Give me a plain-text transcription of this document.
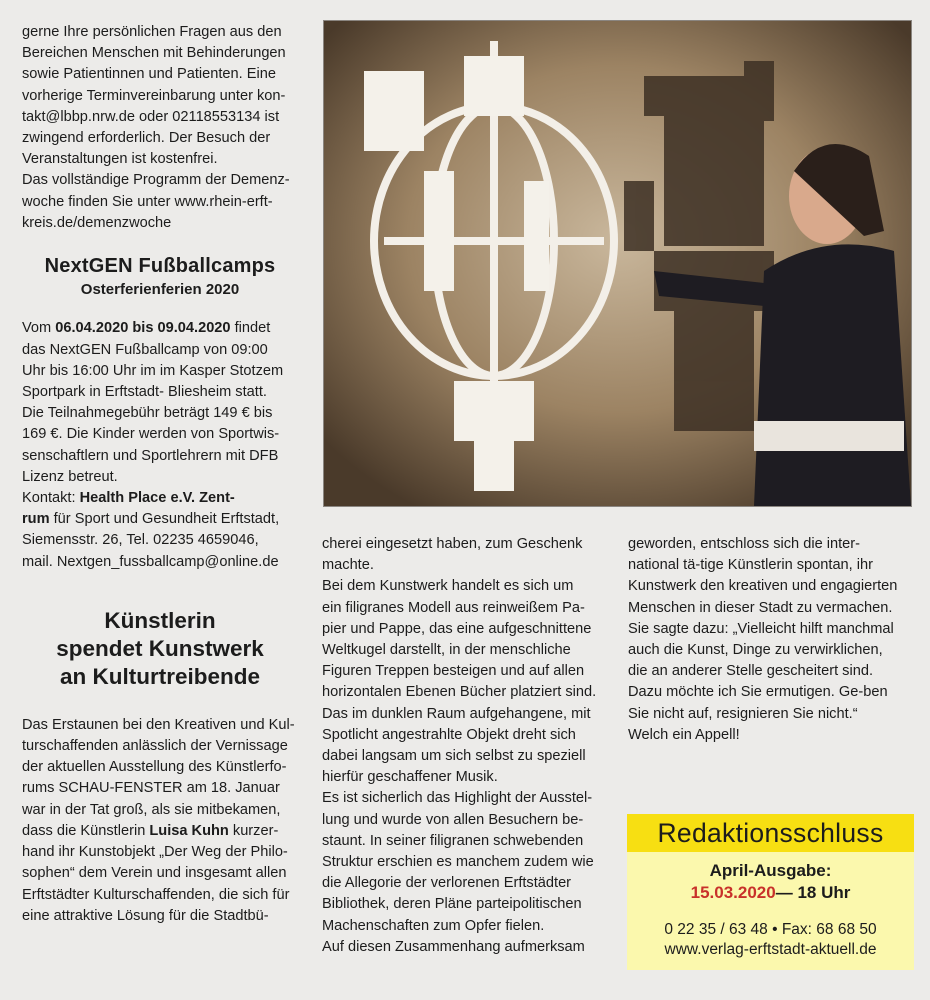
gerne Ihre persönlichen Fragen aus den

Bereichen Menschen mit Behinderungen

sowie Patientinnen und Patienten. Eine

vorherige Terminvereinbarung unter kon-

takt@lbbp.nrw.de oder 02118553134 ist

zwingend erforderlich. Der Besuch der

Veranstaltungen ist kostenfrei.

Das vollständige Programm der Demenz-

woche finden Sie unter www.rhein-erft-

kreis.de/demenzwoche

NextGEN Fußballcamps
Osterferienferien 2020

Vom 06.04.2020 bis 09.04.2020 findet

das NextGEN Fußballcamp von 09:00

Uhr bis 16:00 Uhr im im Kasper Stotzem

Sportpark in Erftstadt- Bliesheim statt.

Die Teilnahmegebühr beträgt 149 € bis

169 €. Die Kinder werden von Sportwis-

senschaftlern und Sportlehrern mit DFB

Lizenz betreut.

Kontakt: Health Place e.V. Zent-

rum für Sport und Gesundheit Erftstadt,

Siemensstr. 26, Tel. 02235 4659046,

mail. Nextgen_fussballcamp@online.de

Künstlerin
spendet Kunstwerk
an Kulturtreibende

Das Erstaunen bei den Kreativen und Kul-

turschaffenden anlässlich der Vernissage

der aktuellen Ausstellung des Künstlerfo-

rums SCHAU-FENSTER am 18. Januar

war in der Tat groß, als sie mitbekamen,

dass die Künstlerin Luisa Kuhn kurzer-

hand ihr Kunstobjekt „Der Weg der Philo-

sophen“ dem Verein und insgesamt allen

Erftstädter Kulturschaffenden, die sich für

eine attraktive Lösung für die Stadtbü-

cherei eingesetzt haben, zum Geschenk

machte.

Bei dem Kunstwerk handelt es sich um

ein filigranes Modell aus reinweißem Pa-

pier und Pappe, das eine aufgeschnittene

Weltkugel darstellt, in der menschliche

Figuren Treppen besteigen und auf allen

horizontalen Ebenen Bücher platziert sind.

Das im dunklen Raum aufgehangene, mit

Spotlicht angestrahlte Objekt dreht sich

dabei langsam um sich selbst zu speziell

hierfür geschaffener Musik.

Es ist sicherlich das Highlight der Ausstel-

lung und wurde von allen Besuchern be-

staunt. In seiner filigranen schwebenden

Struktur erschien es manchem zudem wie

die Allegorie der verlorenen Erftstädter

Bibliothek, deren Pläne parteipolitischen

Machenschaften zum Opfer fielen.

Auf diesen Zusammenhang aufmerksam

geworden, entschloss sich die inter-

national tä-tige Künstlerin spontan, ihr

Kunstwerk den kreativen und engagierten

Menschen in dieser Stadt zu vermachen.

Sie sagte dazu: „Vielleicht hilft manchmal

auch die Kunst, Dinge zu verwirklichen,

die an anderer Stelle gescheitert sind.

Dazu möchte ich Sie ermutigen. Ge-ben

Sie nicht auf, resignieren Sie nicht.“

Welch ein Appell!

Redaktionsschluss
April-Ausgabe:
15.03.2020— 18 Uhr
0 22 35 / 63 48 • Fax: 68 68 50
www.verlag-erftstadt-aktuell.de
